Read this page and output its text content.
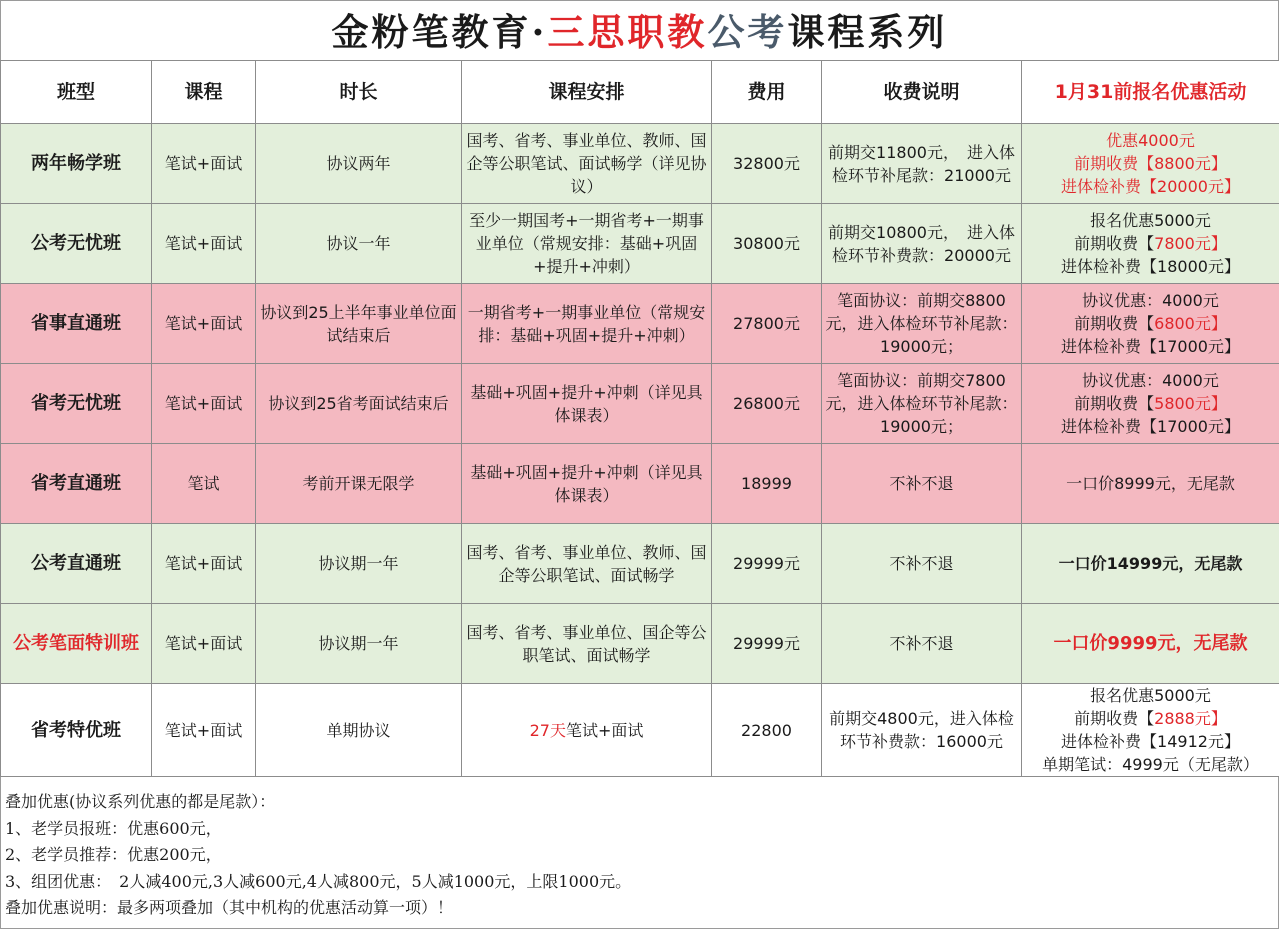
金粉笔教育·三思职教公考课程系列
班型	课程	时长	课程安排	费用	收费说明	1月31前报名优惠活动
两年畅学班	笔试+面试	协议两年	国考、省考、事业单位、教师、国企等公职笔试、面试畅学（详见协议）	32800元	前期交11800元，　进入体检环节补尾款：21000元	优惠4000元
前期收费【8800元】
进体检补费【20000元】

公考无忧班	笔试+面试	协议一年	至少一期国考+一期省考+一期事业单位（常规安排：基础+巩固+提升+冲刺）	30800元	前期交10800元，　进入体检环节补费款：20000元	报名优惠5000元
前期收费【7800元】
进体检补费【18000元】

省事直通班	笔试+面试	协议到25上半年事业单位面试结束后	一期省考+一期事业单位（常规安排：基础+巩固+提升+冲刺）	27800元	笔面协议：前期交8800元，进入体检环节补尾款：19000元；	协议优惠：4000元
前期收费【6800元】
进体检补费【17000元】

省考无忧班	笔试+面试	协议到25省考面试结束后	基础+巩固+提升+冲刺（详见具体课表）	26800元	笔面协议：前期交7800元，进入体检环节补尾款：19000元；	协议优惠：4000元
前期收费【5800元】
进体检补费【17000元】

省考直通班	笔试	考前开课无限学	基础+巩固+提升+冲刺（详见具体课表）	18999	不补不退	一口价8999元，无尾款
公考直通班	笔试+面试	协议期一年	国考、省考、事业单位、教师、国企等公职笔试、面试畅学	29999元	不补不退	一口价14999元，无尾款
公考笔面特训班	笔试+面试	协议期一年	国考、省考、事业单位、国企等公职笔试、面试畅学	29999元	不补不退	一口价9999元，无尾款
省考特优班	笔试+面试	单期协议	27天笔试+面试	22800	前期交4800元，进入体检环节补费款：16000元	报名优惠5000元
前期收费【2888元】
进体检补费【14912元】
单期笔试：4999元（无尾款）
叠加优惠(协议系列优惠的都是尾款）：
1、老学员报班：优惠600元，
2、老学员推荐：优惠200元，
3、组团优惠：　2人减400元,3人减600元,4人减800元，5人减1000元，上限1000元。
叠加优惠说明：最多两项叠加（其中机构的优惠活动算一项）！
